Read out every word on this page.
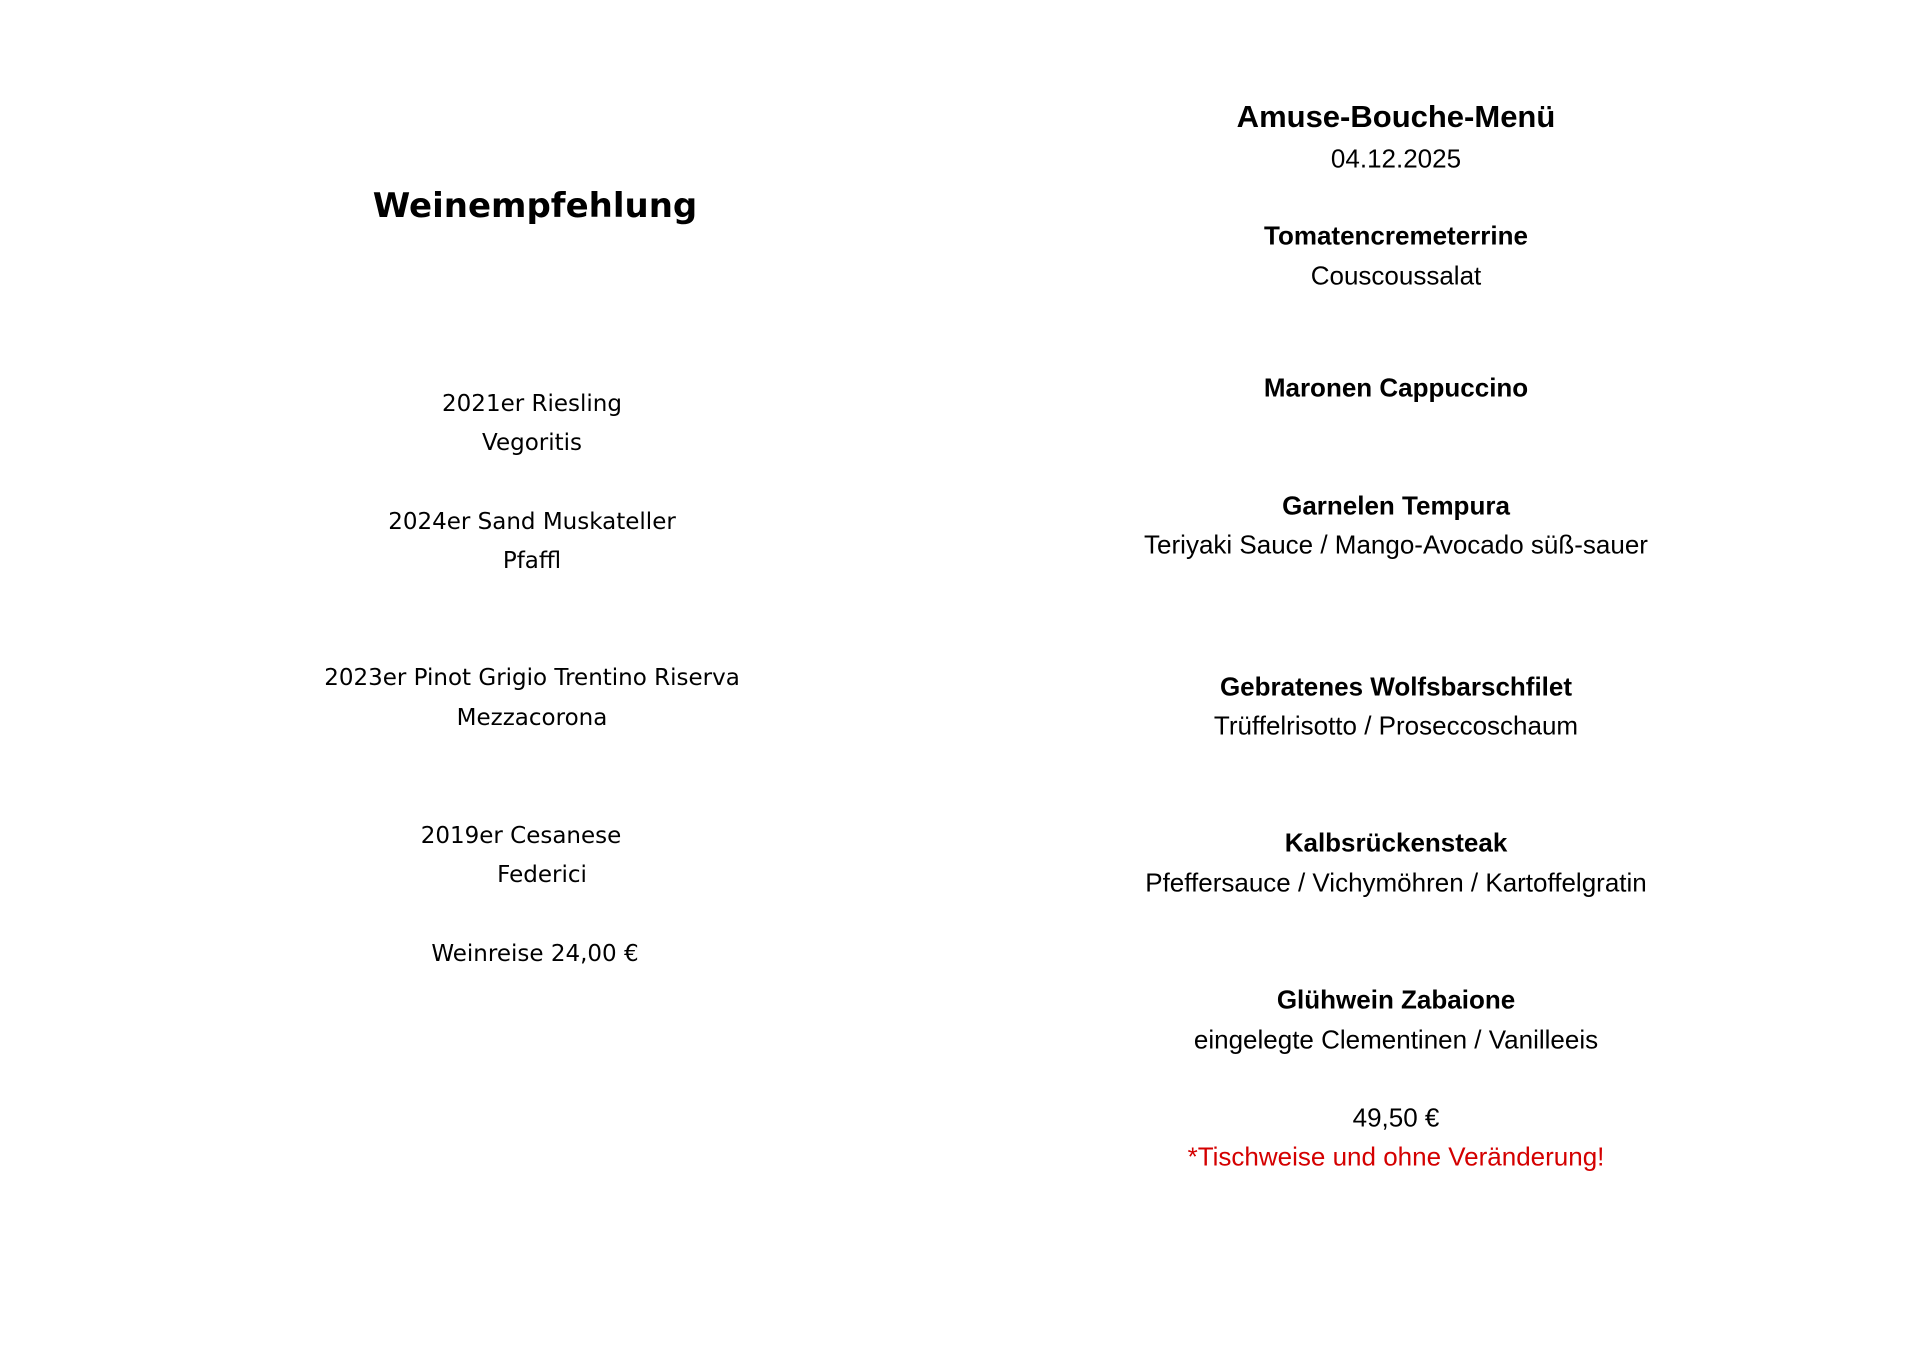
Weinempfehlung
2021er Riesling
Vegoritis
2024er Sand Muskateller
Pfaffl
2023er Pinot Grigio Trentino Riserva
Mezzacorona
2019er Cesanese
Federici
Weinreise 24,00 €
Amuse-Bouche-Menü
04.12.2025
Tomatencremeterrine
Couscoussalat
Maronen Cappuccino
Garnelen Tempura
Teriyaki Sauce / Mango-Avocado süß-sauer
Gebratenes Wolfsbarschfilet
Trüffelrisotto / Proseccoschaum
Kalbsrückensteak
Pfeffersauce / Vichymöhren / Kartoffelgratin
Glühwein Zabaione
eingelegte Clementinen / Vanilleeis
49,50 €
*Tischweise und ohne Veränderung!
